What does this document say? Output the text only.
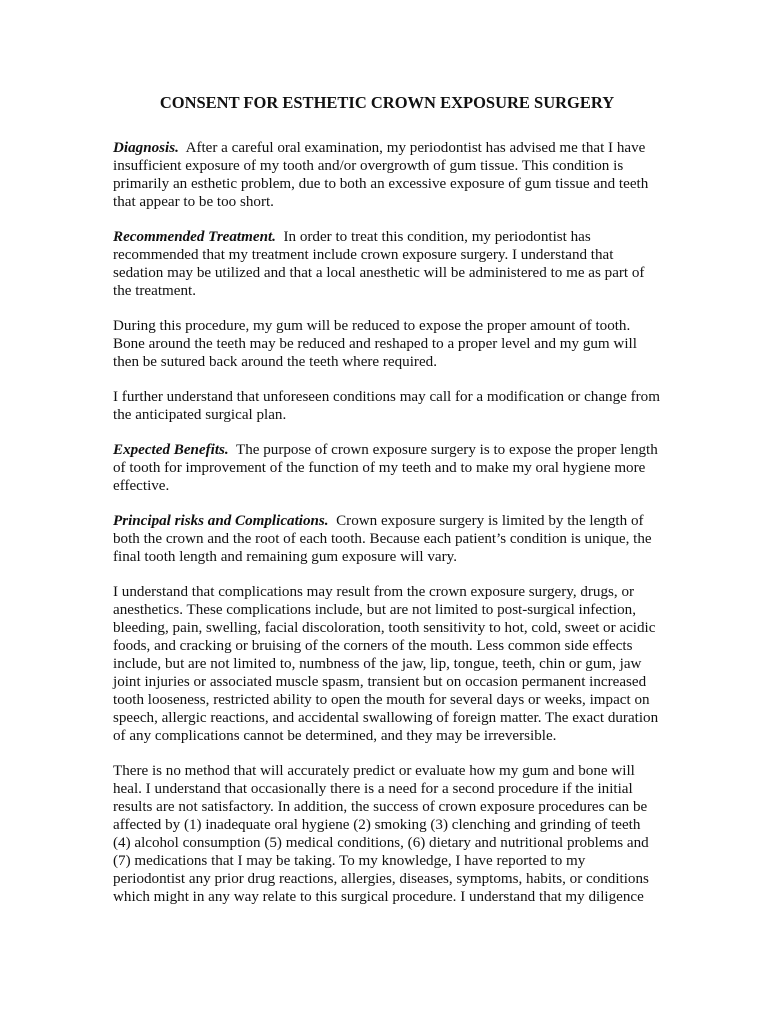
CONSENT FOR ESTHETIC CROWN EXPOSURE SURGERY

Diagnosis. After a careful oral examination, my periodontist has advised me that I have insufficient exposure of my tooth and/or overgrowth of gum tissue. This condition is primarily an esthetic problem, due to both an excessive exposure of gum tissue and teeth that appear to be too short.

Recommended Treatment. In order to treat this condition, my periodontist has recommended that my treatment include crown exposure surgery. I understand that sedation may be utilized and that a local anesthetic will be administered to me as part of the treatment.

During this procedure, my gum will be reduced to expose the proper amount of tooth. Bone around the teeth may be reduced and reshaped to a proper level and my gum will then be sutured back around the teeth where required.

I further understand that unforeseen conditions may call for a modification or change from the anticipated surgical plan.

Expected Benefits. The purpose of crown exposure surgery is to expose the proper length of tooth for improvement of the function of my teeth and to make my oral hygiene more effective.

Principal risks and Complications. Crown exposure surgery is limited by the length of both the crown and the root of each tooth. Because each patient’s condition is unique, the final tooth length and remaining gum exposure will vary.

I understand that complications may result from the crown exposure surgery, drugs, or anesthetics. These complications include, but are not limited to post-surgical infection, bleeding, pain, swelling, facial discoloration, tooth sensitivity to hot, cold, sweet or acidic foods, and cracking or bruising of the corners of the mouth. Less common side effects include, but are not limited to, numbness of the jaw, lip, tongue, teeth, chin or gum, jaw joint injuries or associated muscle spasm, transient but on occasion permanent increased tooth looseness, restricted ability to open the mouth for several days or weeks, impact on speech, allergic reactions, and accidental swallowing of foreign matter. The exact duration of any complications cannot be determined, and they may be irreversible.

There is no method that will accurately predict or evaluate how my gum and bone will heal. I understand that occasionally there is a need for a second procedure if the initial results are not satisfactory. In addition, the success of crown exposure procedures can be affected by (1) inadequate oral hygiene (2) smoking (3) clenching and grinding of teeth (4) alcohol consumption (5) medical conditions, (6) dietary and nutritional problems and (7) medications that I may be taking. To my knowledge, I have reported to my periodontist any prior drug reactions, allergies, diseases, symptoms, habits, or conditions which might in any way relate to this surgical procedure. I understand that my diligence
